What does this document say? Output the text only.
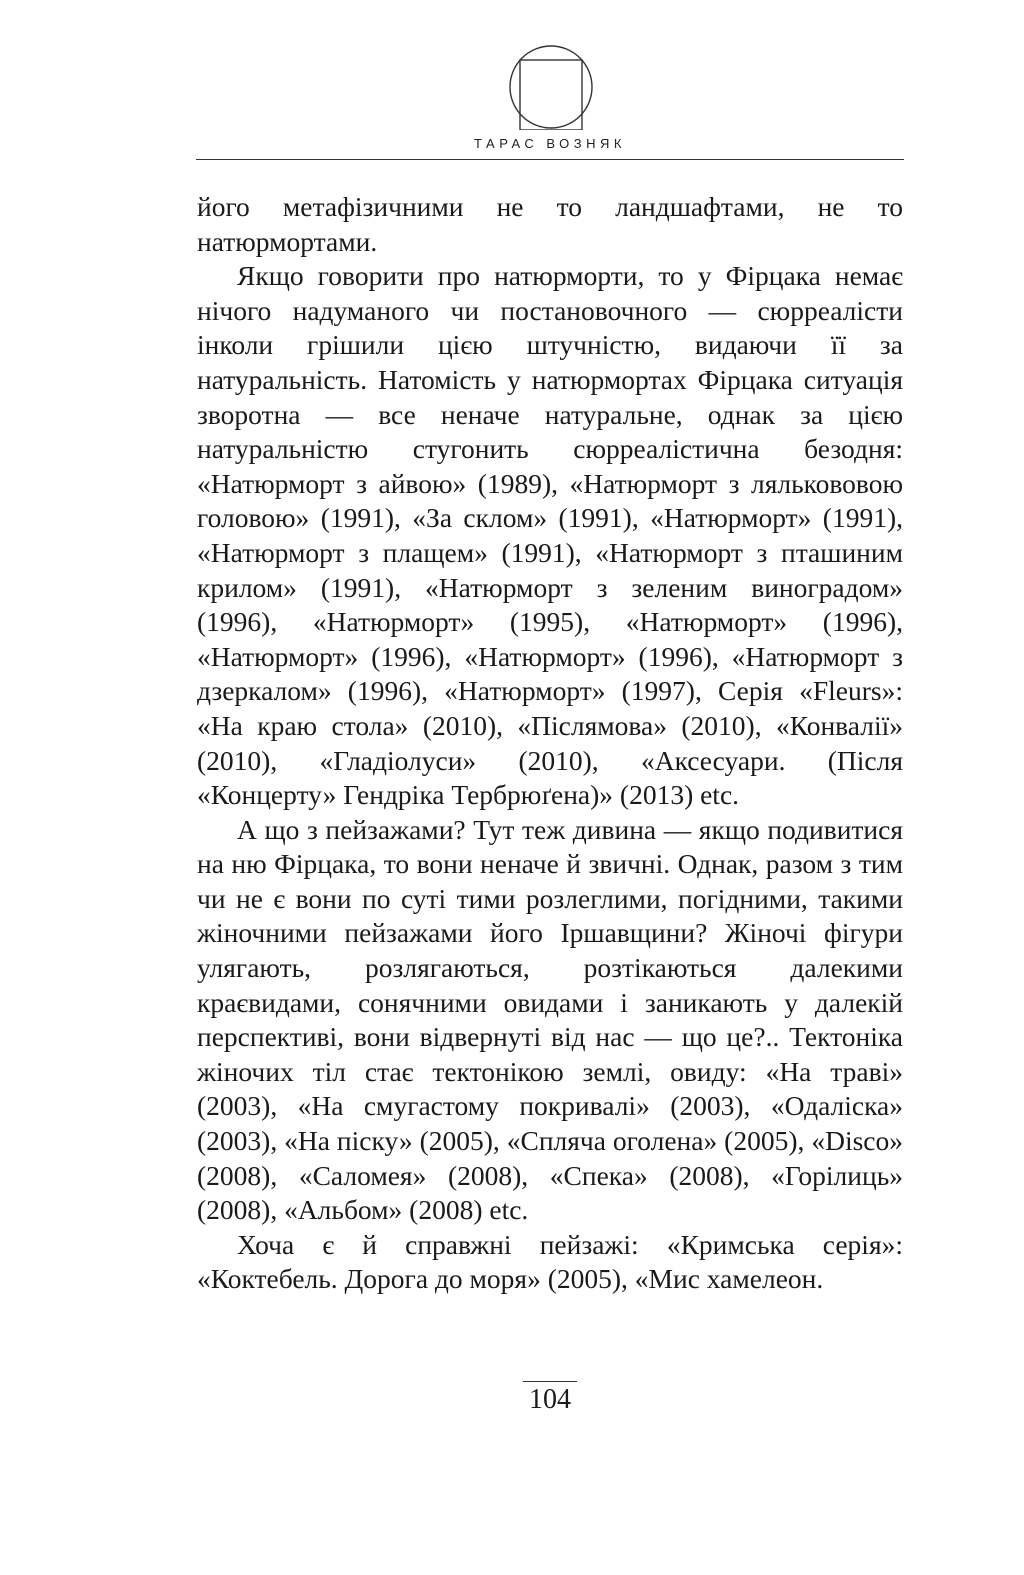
ТАРАС ВОЗНЯК

його метафізичними не то ландшафтами, не то натюрмортами.

Якщо говорити про натюрморти, то у Фірцака немає нічого надуманого чи постановочного — сюрреалісти інколи грішили цією штучністю, видаючи її за натуральність. Натомість у натюрмортах Фірцака ситуація зворотна — все неначе натуральне, однак за цією натуральністю стугонить сюрреалістична безодня: «Натюрморт з айвою» (1989), «Натюрморт з лялькововою головою» (1991), «За склом» (1991), «Натюрморт» (1991), «Натюрморт з плащем» (1991), «Натюрморт з пташиним крилом» (1991), «Натюрморт з зеленим виноградом» (1996), «Натюрморт» (1995), «Натюрморт» (1996), «Натюрморт» (1996), «Натюрморт» (1996), «Натюрморт з дзеркалом» (1996), «Натюрморт» (1997), Серія «Fleurs»: «На краю стола» (2010), «Післямова» (2010), «Конвалії» (2010), «Гладіолуси» (2010), «Аксесуари. (Після «Концерту» Гендріка Тербрюґена)» (2013) etc.

А що з пейзажами? Тут теж дивина — якщо подивитися на ню Фірцака, то вони неначе й звичні. Однак, разом з тим чи не є вони по суті тими розлеглими, погідними, такими жіночними пейзажами його Іршавщини? Жіночі фігури улягають, розлягаються, розтікаються далекими краєвидами, сонячними овидами і заникають у далекій перспективі, вони відвернуті від нас — що це?.. Тектоніка жіночих тіл стає тектонікою землі, овиду: «На траві» (2003), «На смугастому покривалі» (2003), «Одаліска» (2003), «На піску» (2005), «Спляча оголена» (2005), «Disco» (2008), «Саломея» (2008), «Спека» (2008), «Горілиць» (2008), «Альбом» (2008) etc.

Хоча є й справжні пейзажі: «Кримська серія»: «Коктебель. Дорога до моря» (2005), «Мис хамелеон.

104
